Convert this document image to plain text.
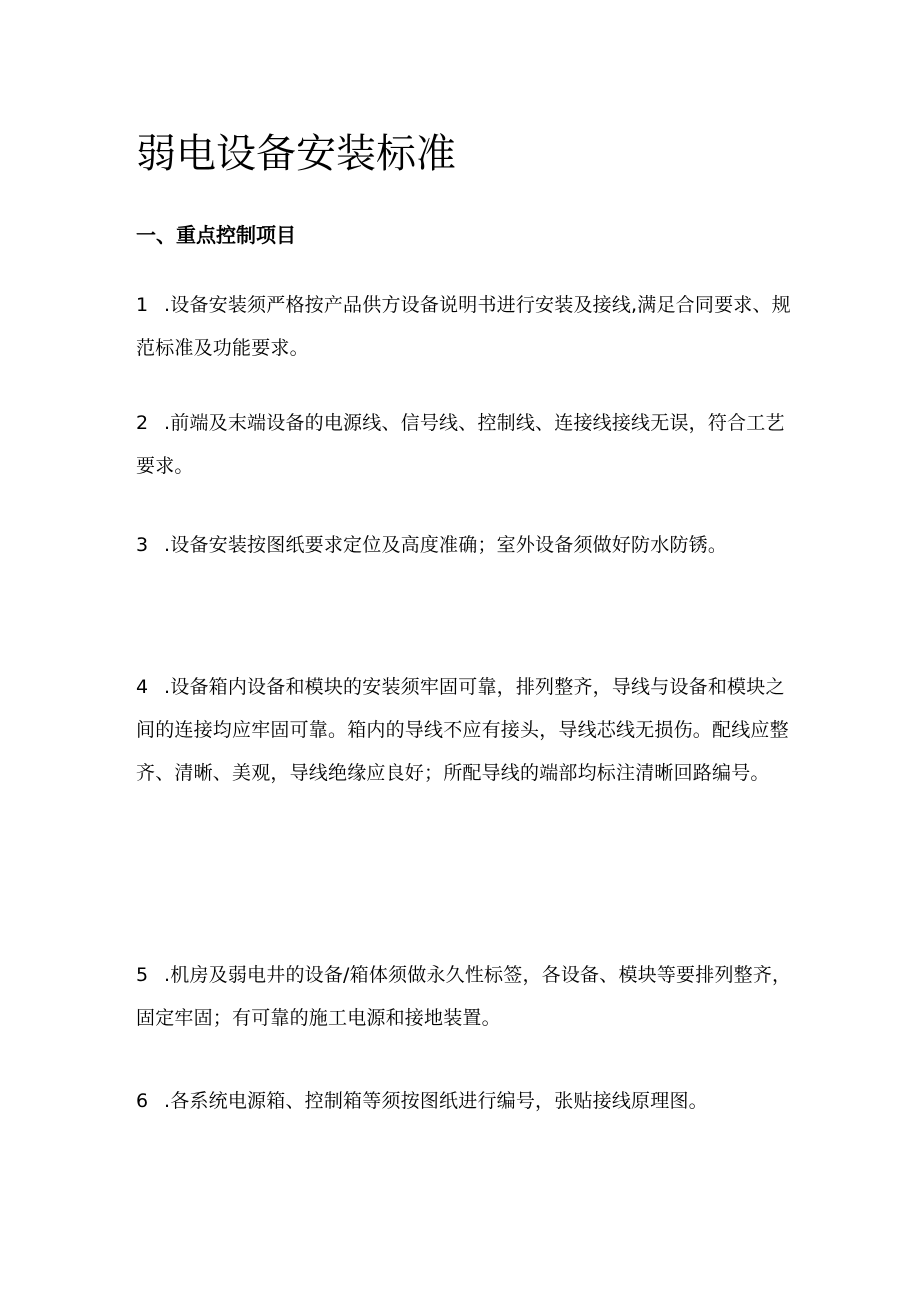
弱电设备安装标准
一、重点控制项目

1 .设备安装须严格按产品供方设备说明书进行安装及接线,满足合同要求、规范标准及功能要求。

2 .前端及末端设备的电源线、信号线、控制线、连接线接线无误，符合工艺要求。

3 .设备安装按图纸要求定位及高度准确；室外设备须做好防水防锈。

4 .设备箱内设备和模块的安装须牢固可靠，排列整齐，导线与设备和模块之间的连接均应牢固可靠。箱内的导线不应有接头，导线芯线无损伤。配线应整齐、清晰、美观，导线绝缘应良好；所配导线的端部均标注清晰回路编号。

5 .机房及弱电井的设备/箱体须做永久性标签，各设备、模块等要排列整齐，固定牢固；有可靠的施工电源和接地装置。

6 .各系统电源箱、控制箱等须按图纸进行编号，张贴接线原理图。
